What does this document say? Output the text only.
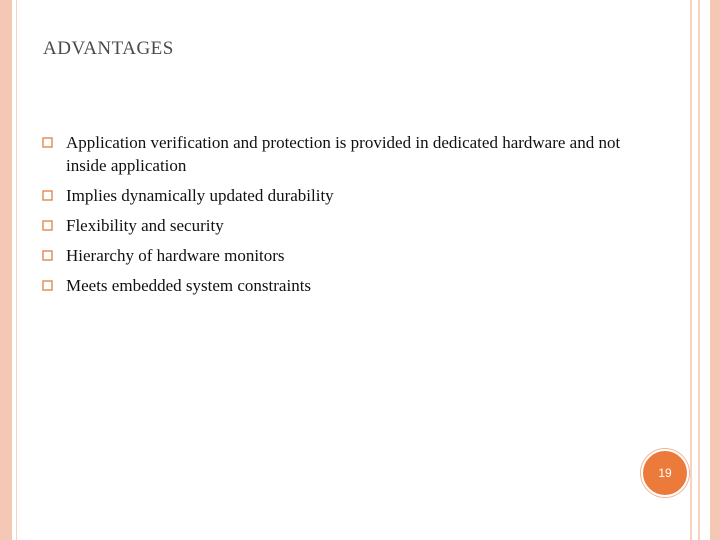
ADVANTAGES
Application verification and protection is provided in dedicated hardware and not inside application
Implies dynamically updated durability
Flexibility and security
Hierarchy of hardware monitors
Meets embedded system constraints
19
